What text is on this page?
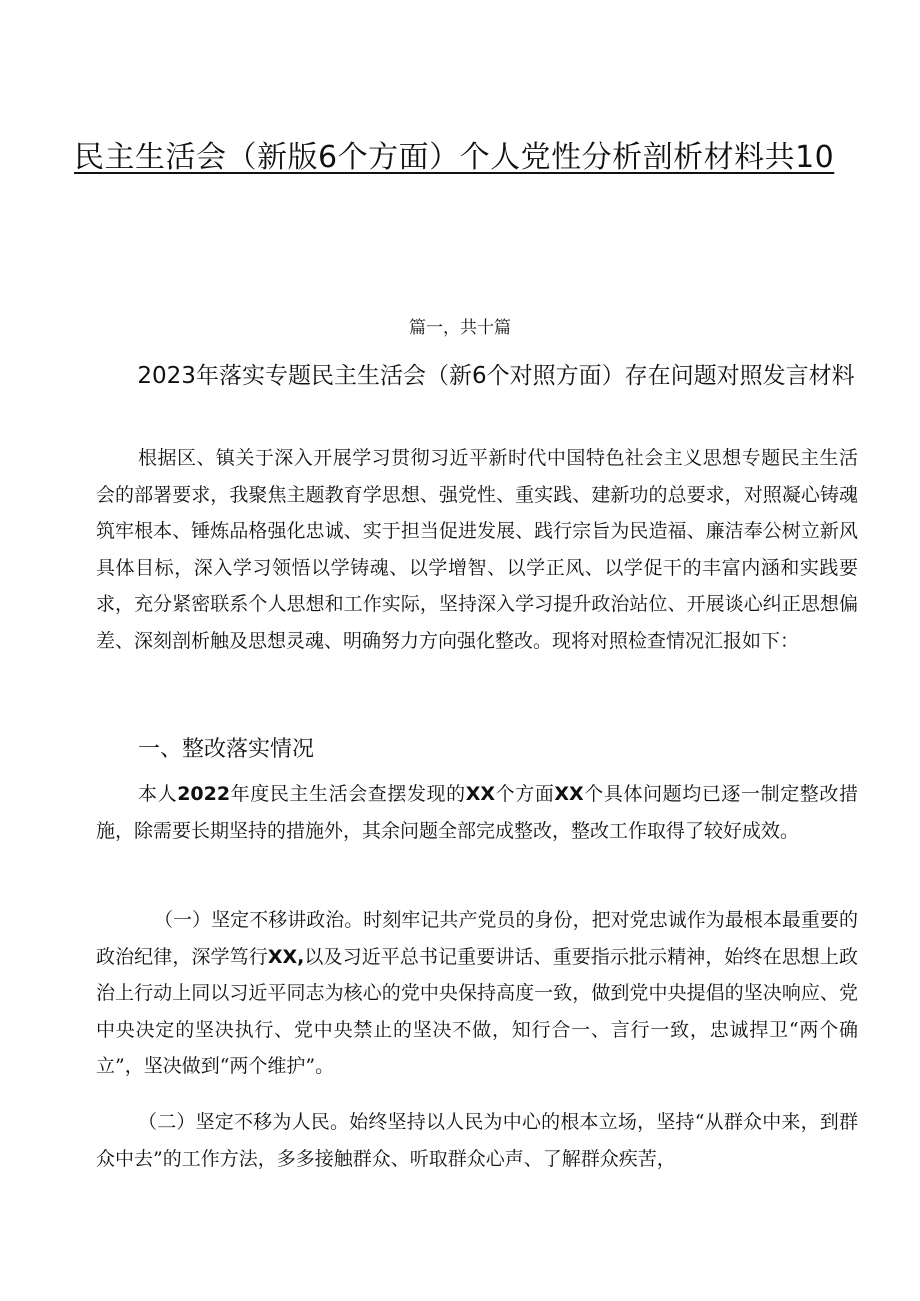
民主生活会（新版6个方面）个人党性分析剖析材料共10
篇一，共十篇
2023年落实专题民主生活会（新6个对照方面）存在问题对照发言材料

根据区、镇关于深入开展学习贯彻习近平新时代中国特色社会主义思想专题民主生活会的部署要求，我聚焦主题教育学思想、强党性、重实践、建新功的总要求，对照凝心铸魂筑牢根本、锤炼品格强化忠诚、实于担当促进发展、践行宗旨为民造福、廉洁奉公树立新风具体目标，深入学习领悟以学铸魂、以学增智、以学正风、以学促干的丰富内涵和实践要求，充分紧密联系个人思想和工作实际，坚持深入学习提升政治站位、开展谈心纠正思想偏差、深刻剖析触及思想灵魂、明确努力方向强化整改。现将对照检查情况汇报如下：

一、整改落实情况

本人2022年度民主生活会查摆发现的XX个方面XX个具体问题均已逐一制定整改措施，除需要长期坚持的措施外，其余问题全部完成整改，整改工作取得了较好成效。

（一）坚定不移讲政治。时刻牢记共产党员的身份，把对党忠诚作为最根本最重要的政治纪律，深学笃行XX,以及习近平总书记重要讲话、重要指示批示精神，始终在思想上政治上行动上同以习近平同志为核心的党中央保持高度一致，做到党中央提倡的坚决响应、党中央决定的坚决执行、党中央禁止的坚决不做，知行合一、言行一致，忠诚捍卫“两个确立”，坚决做到“两个维护”。

（二）坚定不移为人民。始终坚持以人民为中心的根本立场，坚持“从群众中来，到群众中去”的工作方法，多多接触群众、听取群众心声、了解群众疾苦，
